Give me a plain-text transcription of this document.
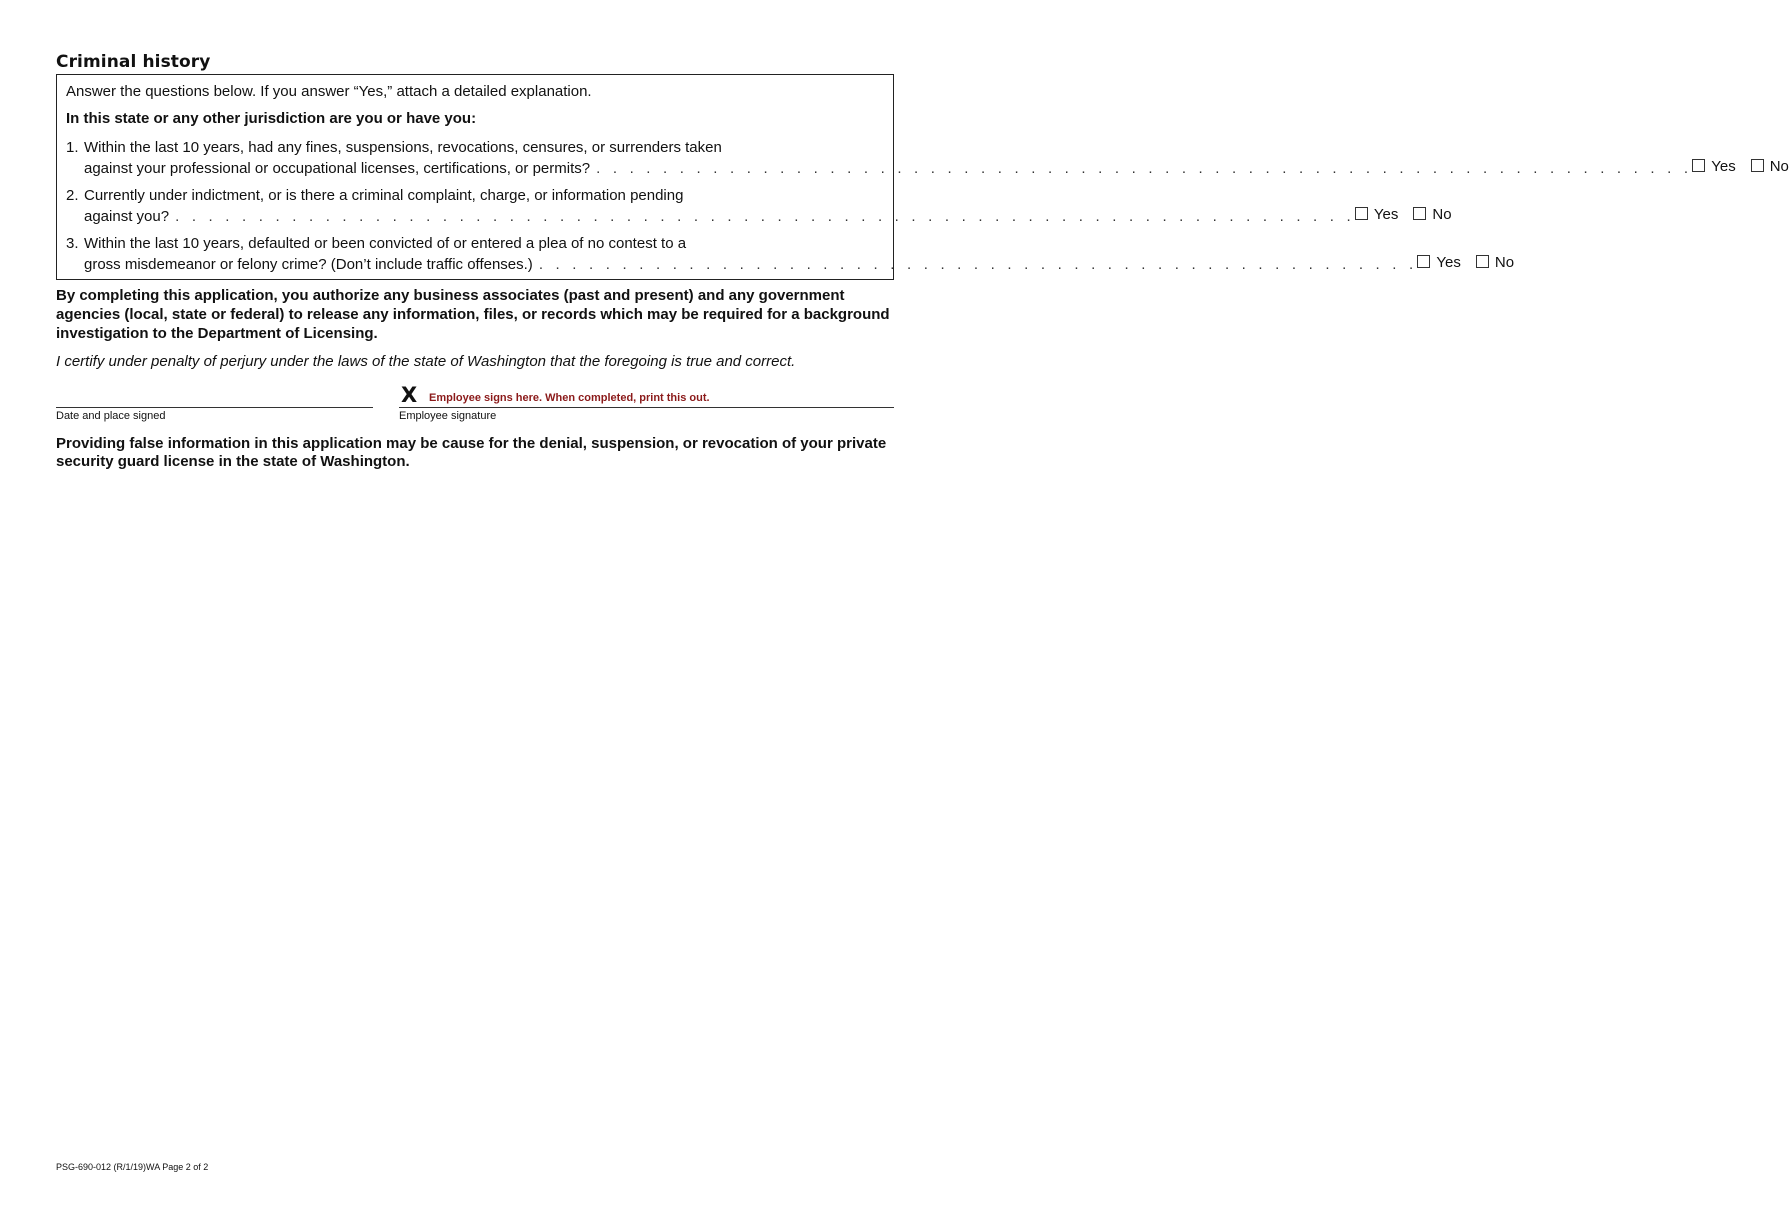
Criminal history

Answer the questions below. If you answer “Yes,” attach a detailed explanation.

In this state or any other jurisdiction are you or have you:

1. Within the last 10 years, had any fines, suspensions, revocations, censures, or surrenders taken
against your professional or occupational licenses, certifications, or permits? . . . . . . . . . . . . . . . . . . . . . . . . . . . . . . . . . . . . . . . . . . . . . . . . . . . . . . . . . . . . . . . . . . Yes No
2. Currently under indictment, or is there a criminal complaint, charge, or information pending
against you? . . . . . . . . . . . . . . . . . . . . . . . . . . . . . . . . . . . . . . . . . . . . . . . . . . . . . . . . . . . . . . . . . . . . . . . Yes No
3. Within the last 10 years, defaulted or been convicted of or entered a plea of no contest to a
gross misdemeanor or felony crime? (Don’t include traffic offenses.) . . . . . . . . . . . . . . . . . . . . . . . . . . . . . . . . . . . . . . . . . . . . . . . . . . . . . Yes No

By completing this application, you authorize any business associates (past and present) and any government agencies (local, state or federal) to release any information, files, or records which may be required for a background investigation to the Department of Licensing.

I certify under penalty of perjury under the laws of the state of Washington that the foregoing is true and correct.

Date and place signed
X Employee signs here. When completed, print this out.
Employee signature

Providing false information in this application may be cause for the denial, suspension, or revocation of your private security guard license in the state of Washington.

PSG-690-012 (R/1/19)WA Page 2 of 2
